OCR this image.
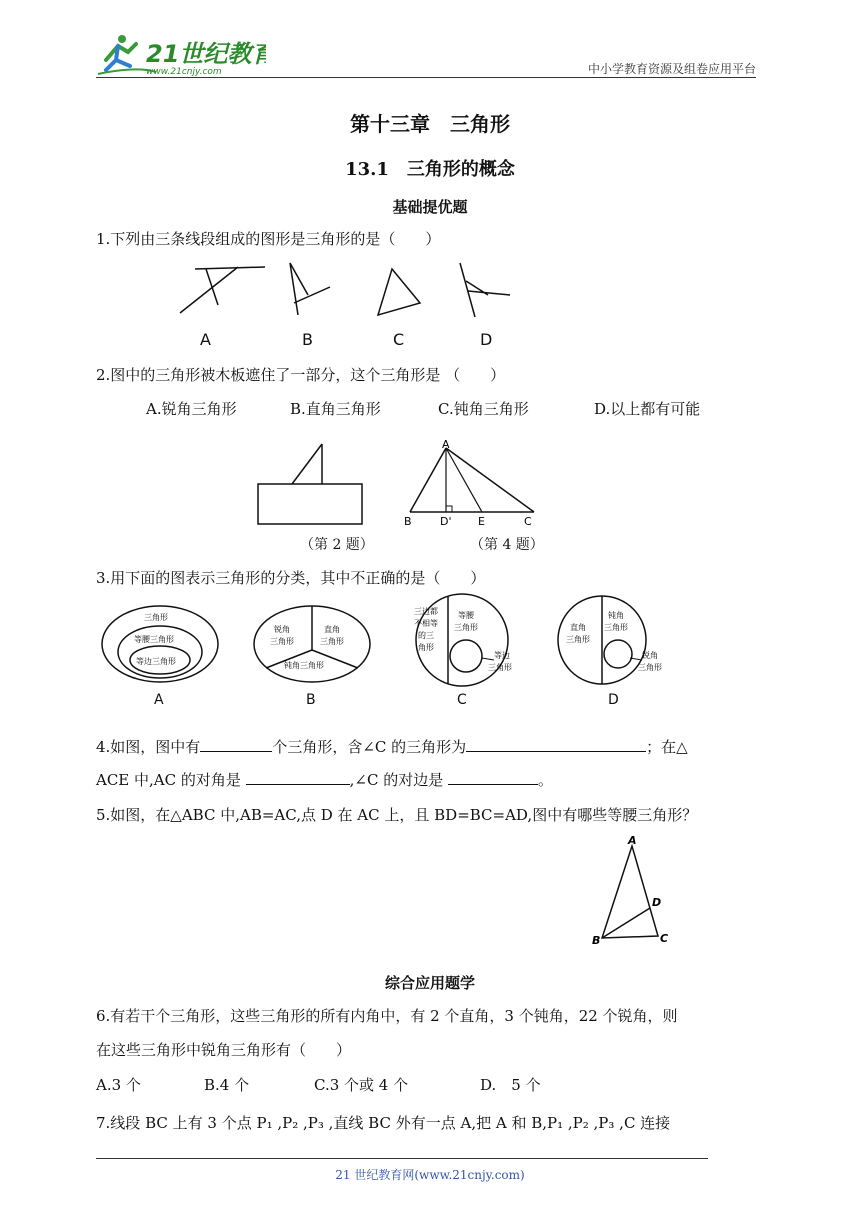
21世纪教育
www.21cnjy.com	中小学教育资源及组卷应用平台
第十三章　三角形
13.1　三角形的概念
基础提优题
1.下列由三条线段组成的图形是三角形的是（　　）
A	B	C	D
2.图中的三角形被木板遮住了一部分，这个三角形是 （　　）
A.锐角三角形	B.直角三角形	C.钝角三角形	D.以上都有可能
A
B	D' E	C
（第 2 题）	（第 4 题）
3.用下面的图表示三角形的分类，其中不正确的是（　　）
三角形
等腰三角形
等边三角形
锐角
三角形
直角
三角形
钝角三角形
三边都
不相等
的三
角形
等腰
三角形
等边
三角形
直角
三角形
钝角
三角形
锐角
三角形
A	B	C	D
4.如图，图中有	个三角形，含∠C 的三角形为	；在△
ACE 中,AC 的对角是	,∠C 的对边是	。
5.如图，在△ABC 中,AB=AC,点 D 在 AC 上，且 BD=BC=AD,图中有哪些等腰三角形？
A
D
B	C
综合应用题学
6.有若干个三角形，这些三角形的所有内角中，有 2 个直角，3 个钝角，22 个锐角，则
在这些三角形中锐角三角形有（　　）
A.3 个	B.4 个	C.3 个或 4 个	D.　5 个
7.线段 BC 上有 3 个点 P₁ ,P₂ ,P₃ ,直线 BC 外有一点 A,把 A 和 B,P₁ ,P₂ ,P₃ ,C 连接
21 世纪教育网(www.21cnjy.com)
